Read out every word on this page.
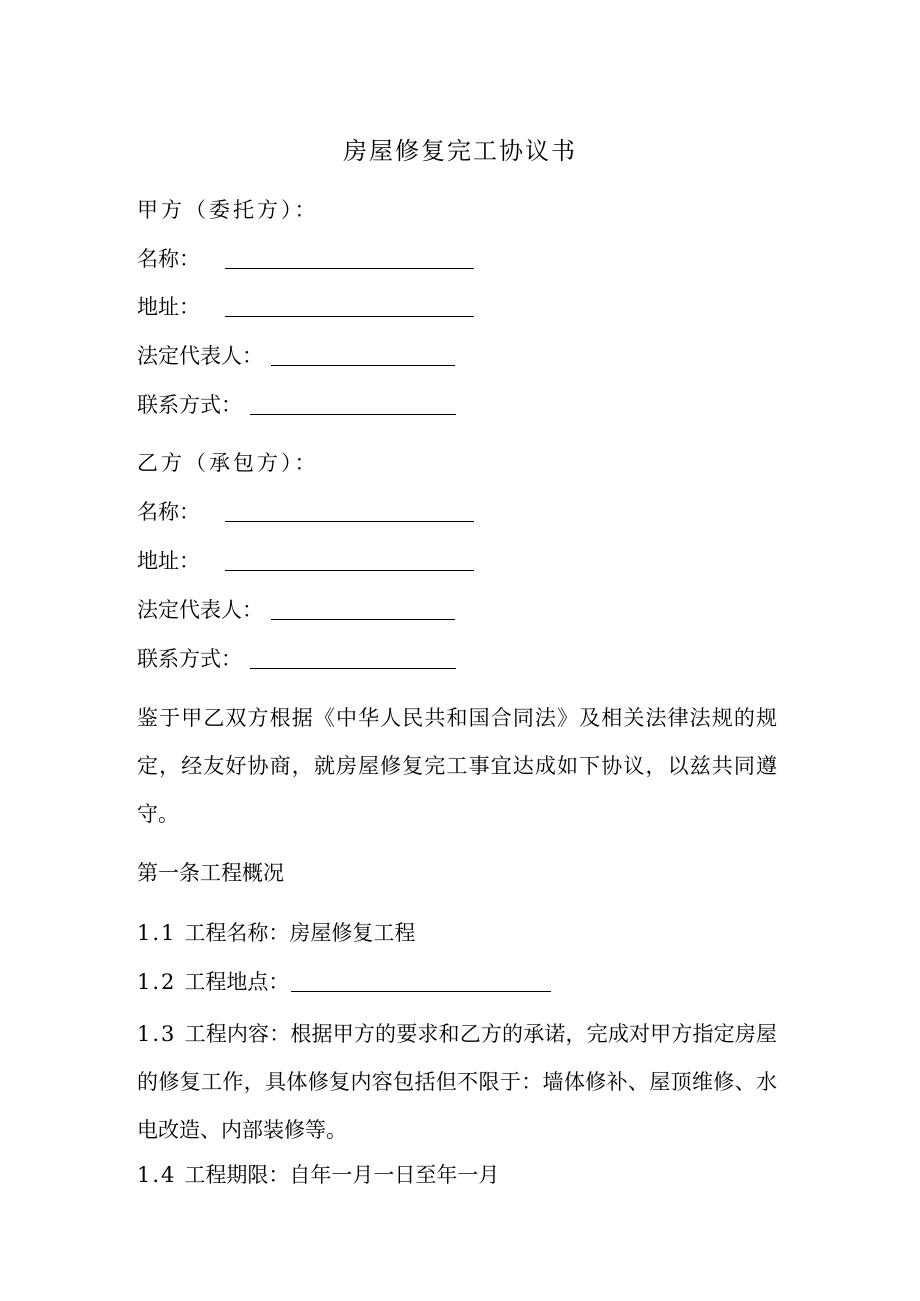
房屋修复完工协议书

甲方（委托方）：

名称：

地址：

法定代表人：

联系方式：

乙方（承包方）：

名称：

地址：

法定代表人：

联系方式：

鉴于甲乙双方根据《中华人民共和国合同法》及相关法律法规的规定，经友好协商，就房屋修复完工事宜达成如下协议，以兹共同遵守。

第一条工程概况

1.1 工程名称：房屋修复工程

1.2 工程地点：

1.3 工程内容：根据甲方的要求和乙方的承诺，完成对甲方指定房屋的修复工作，具体修复内容包括但不限于：墙体修补、屋顶维修、水电改造、内部装修等。

1.4 工程期限：自年一月一日至年一月
